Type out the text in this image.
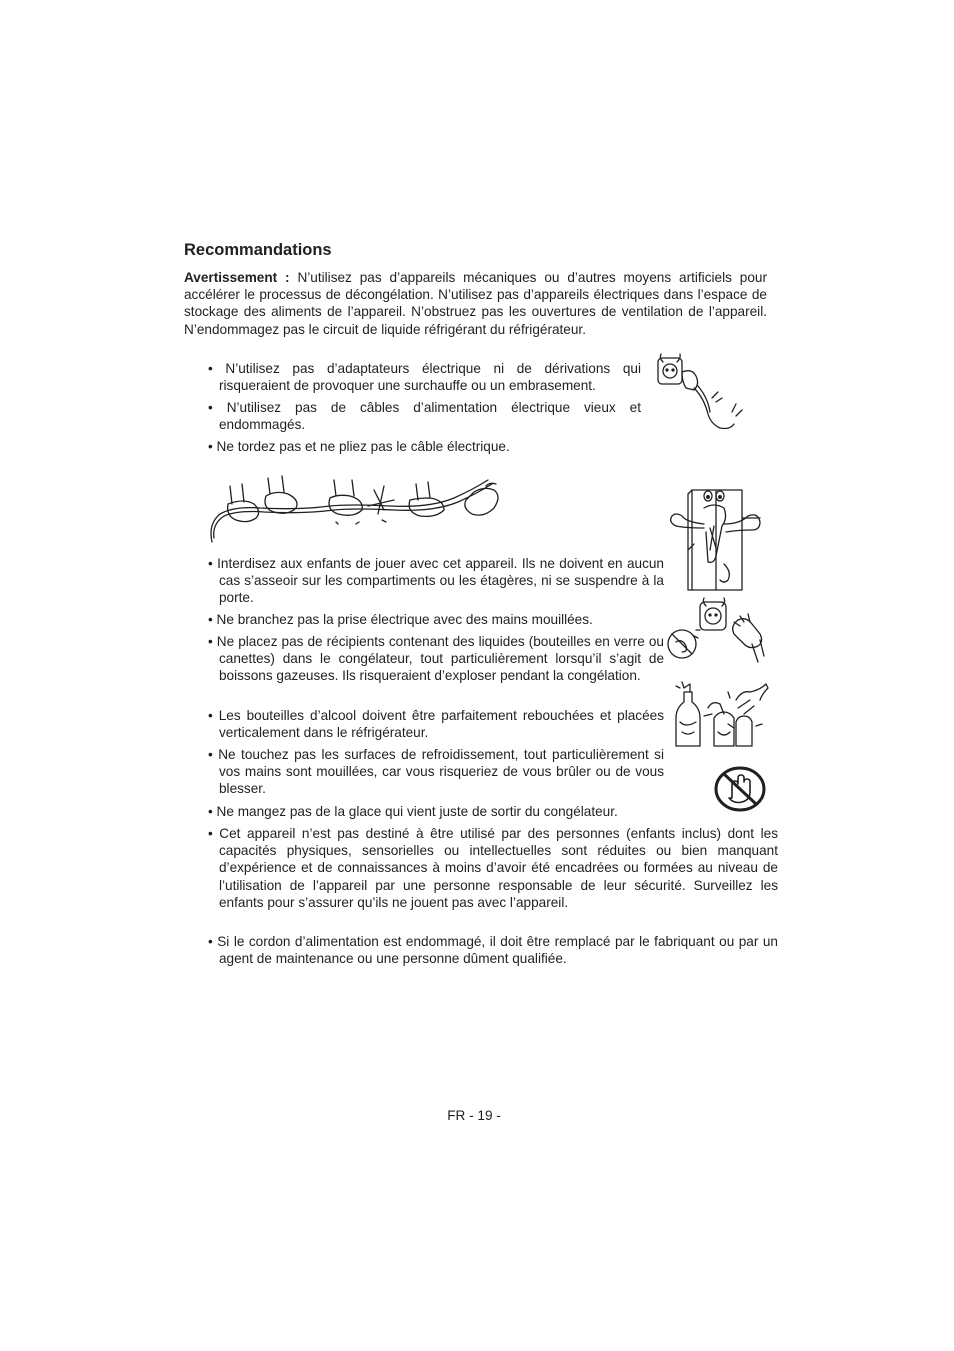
Recommandations

Avertissement : N’utilisez pas d’appareils mécaniques ou d’autres moyens artificiels pour accélérer le processus de décongélation. N’utilisez pas d’appareils électriques dans l’espace de stockage des aliments de l’appareil. N’obstruez pas les ouvertures de ventilation de l’appareil. N’endommagez pas le circuit de liquide réfrigérant du réfrigérateur.

• N’utilisez pas d’adaptateurs électrique ni de dérivations qui risqueraient de provoquer une surchauffe ou un embrasement.

• N’utilisez pas de câbles d’alimentation électrique vieux et endommagés.

• Ne tordez pas et ne pliez pas le câble électrique.

• Interdisez aux enfants de jouer avec cet appareil. Ils ne doivent en aucun cas s’asseoir sur les compartiments ou les étagères, ni se suspendre à la porte.

• Ne branchez pas la prise électrique avec des mains mouillées.

• Ne placez pas de récipients contenant des liquides (bouteilles en verre ou canettes) dans le congélateur, tout particulièrement lorsqu’il s’agit de boissons gazeuses. Ils risqueraient d’exploser pendant la congélation.

• Les bouteilles d’alcool doivent être parfaitement rebouchées et placées verticalement dans le réfrigérateur.

• Ne touchez pas les surfaces de refroidissement, tout particulièrement si vos mains sont mouillées, car vous risqueriez de vous brûler ou de vous blesser.

• Ne mangez pas de la glace qui vient juste de sortir du congélateur.

• Cet appareil n’est pas destiné à être utilisé par des personnes (enfants inclus) dont les capacités physiques, sensorielles ou intellectuelles sont réduites ou bien manquant d’expérience et de connaissances à moins d’avoir été encadrées ou formées au niveau de l’utilisation de l’appareil par une personne responsable de leur sécurité. Surveillez les enfants pour s’assurer qu’ils ne jouent pas avec l’appareil.

• Si le cordon d’alimentation est endommagé, il doit être remplacé par le fabriquant ou par un agent de maintenance ou une personne dûment qualifiée.

FR - 19 -
